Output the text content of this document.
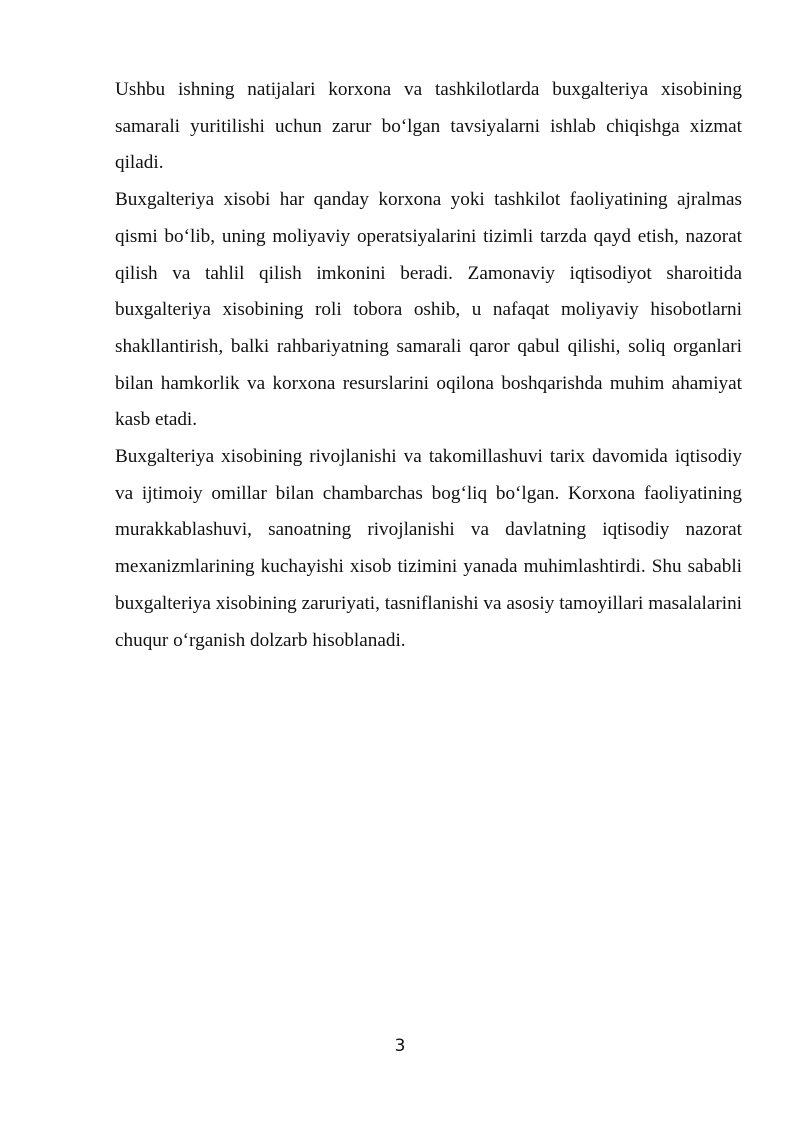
Ushbu ishning natijalari korxona va tashkilotlarda buxgalteriya xisobining samarali yuritilishi uchun zarur bo‘lgan tavsiyalarni ishlab chiqishga xizmat qiladi.

Buxgalteriya xisobi har qanday korxona yoki tashkilot faoliyatining ajralmas qismi bo‘lib, uning moliyaviy operatsiyalarini tizimli tarzda qayd etish, nazorat qilish va tahlil qilish imkonini beradi. Zamonaviy iqtisodiyot sharoitida buxgalteriya xisobining roli tobora oshib, u nafaqat moliyaviy hisobotlarni shakllantirish, balki rahbariyatning samarali qaror qabul qilishi, soliq organlari bilan hamkorlik va korxona resurslarini oqilona boshqarishda muhim ahamiyat kasb etadi.

Buxgalteriya xisobining rivojlanishi va takomillashuvi tarix davomida iqtisodiy va ijtimoiy omillar bilan chambarchas bog‘liq bo‘lgan. Korxona faoliyatining murakkablashuvi, sanoatning rivojlanishi va davlatning iqtisodiy nazorat mexanizmlarining kuchayishi xisob tizimini yanada muhimlashtirdi. Shu sababli buxgalteriya xisobining zaruriyati, tasniflanishi va asosiy tamoyillari masalalarini chuqur o‘rganish dolzarb hisoblanadi.

3
